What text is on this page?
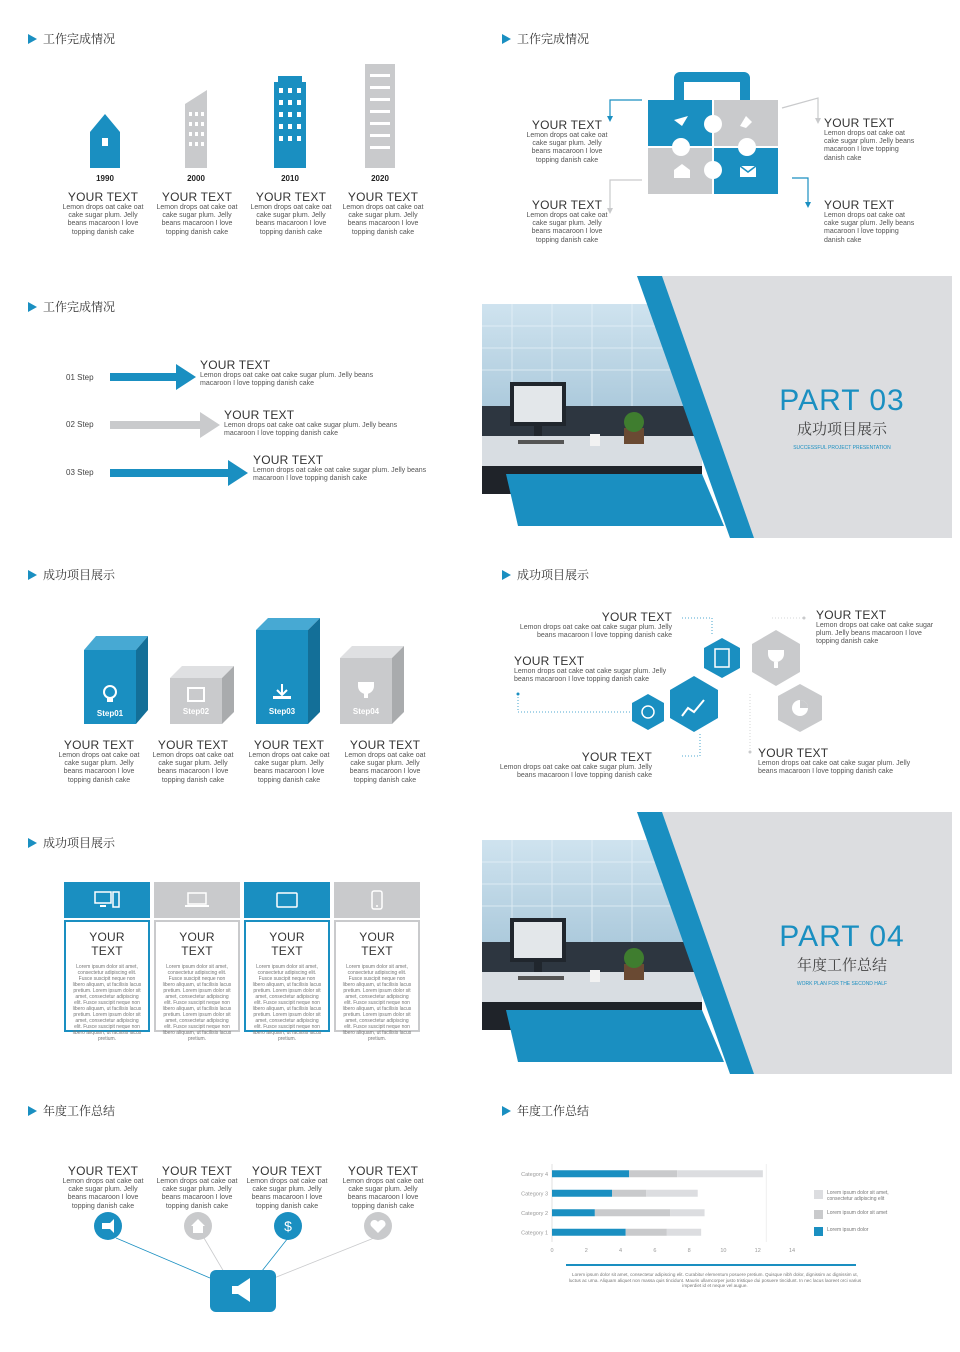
工作完成情况
1990	2000	2010	2020
YOUR TEXT
Lemon drops oat cake oat cake sugar plum. Jelly beans macaroon I love topping danish cake
YOUR TEXT
Lemon drops oat cake oat cake sugar plum. Jelly beans macaroon I love topping danish cake
YOUR TEXT
Lemon drops oat cake oat cake sugar plum. Jelly beans macaroon I love topping danish cake
YOUR TEXT
Lemon drops oat cake oat cake sugar plum. Jelly beans macaroon I love topping danish cake
工作完成情况
YOUR TEXT
Lemon drops oat cake oat cake sugar plum. Jelly beans macaroon I love topping danish cake
YOUR TEXT
Lemon drops oat cake oat cake sugar plum. Jelly beans macaroon I love topping danish cake
YOUR TEXT
Lemon drops oat cake oat cake sugar plum. Jelly beans macaroon I love topping danish cake
YOUR TEXT
Lemon drops oat cake oat cake sugar plum. Jelly beans macaroon I love topping danish cake
工作完成情况
01 Step
02 Step
03 Step
YOUR TEXT
Lemon drops oat cake oat cake sugar plum. Jelly beans macaroon I love topping danish cake
YOUR TEXT
Lemon drops oat cake oat cake sugar plum. Jelly beans macaroon I love topping danish cake
YOUR TEXT
Lemon drops oat cake oat cake sugar plum. Jelly beans macaroon I love topping danish cake
PART 03
成功项目展示
SUCCESSFUL PROJECT PRESENTATION
成功项目展示
Step01	Step02	Step03	Step04
YOUR TEXT
Lemon drops oat cake oat cake sugar plum. Jelly beans macaroon I love topping danish cake
YOUR TEXT
Lemon drops oat cake oat cake sugar plum. Jelly beans macaroon I love topping danish cake
YOUR TEXT
Lemon drops oat cake oat cake sugar plum. Jelly beans macaroon I love topping danish cake
YOUR TEXT
Lemon drops oat cake oat cake sugar plum. Jelly beans macaroon I love topping danish cake
成功项目展示
YOUR TEXT
Lemon drops oat cake oat cake sugar plum. Jelly beans macaroon I love topping danish cake
YOUR TEXT
Lemon drops oat cake oat cake sugar plum. Jelly beans macaroon I love topping danish cake
YOUR TEXT
Lemon drops oat cake oat cake sugar plum. Jelly beans macaroon I love topping danish cake
YOUR TEXT
Lemon drops oat cake oat cake sugar plum. Jelly beans macaroon I love topping danish cake
YOUR TEXT
Lemon drops oat cake oat cake sugar plum. Jelly beans macaroon I love topping danish cake
成功项目展示
YOUR TEXT
Lorem ipsum dolor sit amet, consectetur adipiscing elit. Fusce suscipit neque non libero aliquam, ut facilisis lacus pretium. Lorem ipsum dolor sit amet, consectetur adipiscing elit. Fusce suscipit neque non libero aliquam, ut facilisis lacus pretium. Lorem ipsum dolor sit amet, consectetur adipiscing elit. Fusce suscipit neque non libero aliquam, ut facilisis lacus pretium.
YOUR TEXT
Lorem ipsum dolor sit amet, consectetur adipiscing elit. Fusce suscipit neque non libero aliquam, ut facilisis lacus pretium. Lorem ipsum dolor sit amet, consectetur adipiscing elit. Fusce suscipit neque non libero aliquam, ut facilisis lacus pretium. Lorem ipsum dolor sit amet, consectetur adipiscing elit. Fusce suscipit neque non libero aliquam, ut facilisis lacus pretium.
YOUR TEXT
Lorem ipsum dolor sit amet, consectetur adipiscing elit. Fusce suscipit neque non libero aliquam, ut facilisis lacus pretium. Lorem ipsum dolor sit amet, consectetur adipiscing elit. Fusce suscipit neque non libero aliquam, ut facilisis lacus pretium. Lorem ipsum dolor sit amet, consectetur adipiscing elit. Fusce suscipit neque non libero aliquam, ut facilisis lacus pretium.
YOUR TEXT
Lorem ipsum dolor sit amet, consectetur adipiscing elit. Fusce suscipit neque non libero aliquam, ut facilisis lacus pretium. Lorem ipsum dolor sit amet, consectetur adipiscing elit. Fusce suscipit neque non libero aliquam, ut facilisis lacus pretium. Lorem ipsum dolor sit amet, consectetur adipiscing elit. Fusce suscipit neque non libero aliquam, ut facilisis lacus pretium.
PART 04
年度工作总结
WORK PLAN FOR THE SECOND HALF
年度工作总结
$
YOUR TEXT
Lemon drops oat cake oat cake sugar plum. Jelly beans macaroon I love topping danish cake
YOUR TEXT
Lemon drops oat cake oat cake sugar plum. Jelly beans macaroon I love topping danish cake
YOUR TEXT
Lemon drops oat cake oat cake sugar plum. Jelly beans macaroon I love topping danish cake
YOUR TEXT
Lemon drops oat cake oat cake sugar plum. Jelly beans macaroon I love topping danish cake
年度工作总结
Category 1
Category 2
Category 3
Category 4
0	2	4	6	8	10	12	14
Lorem ipsum dolor sit amet, consectetur adipiscing elit
Lorem ipsum dolor sit amet
Lorem ipsum dolor
Lorem ipsum dolor sit amet, consectetur adipiscing elit. Curabitur elementum posuere pretium. Quisque nibh dolor, dignissim ac dignissim ut, luctus ac urna. Aliquam aliquet non massa quis tincidunt. Mauris ullamcorper justo tristique dui posuere tincidunt. In nec lacus laoreet orci varius imperdiet id et neque vel augue.
